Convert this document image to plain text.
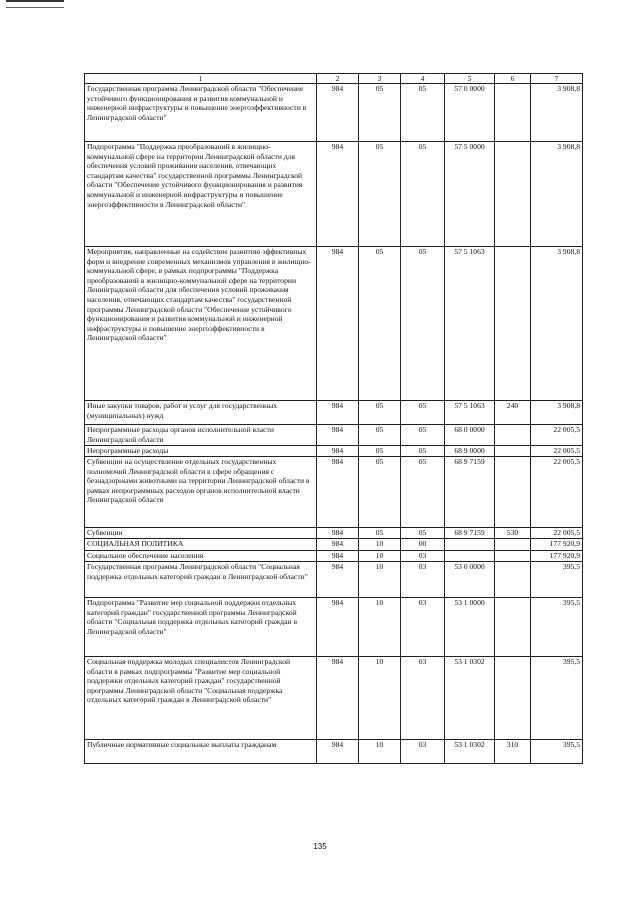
1	2	3	4	5	6	7
Государственная программа Ленинградской области "Обеспечение устойчивого функционирования и развития коммунальной и инженерной инфраструктуры и повышение энергоэффективности в Ленинградской области"	984	05	05	57 0 0000		3 908,8
Подпрограмма "Поддержка преобразований в жилищно-коммунальной сфере на территории Ленинградской области для обеспечения условий проживания населения, отвечающих стандартам качества" государственной программы Ленинградской области "Обеспечение устойчивого функционирования и развития коммунальной и инженерной инфраструктуры и повышение энергоэффективности в Ленинградской области"	984	05	05	57 5 0000		3 908,8
Мероприятия, направленные на содействие развитию эффективных форм и внедрение современных механизмов управления в жилищно-коммунальной сфере, в рамках подпрограммы "Поддержка преобразований в жилищно-коммунальной сфере на территории Ленинградской области для обеспечения условий проживания населения, отвечающих стандартам качества" государственной программы Ленинградской области "Обеспечение устойчивого функционирования и развития коммунальной и инженерной инфраструктуры и повышение энергоэффективности в Ленинградской области"	984	05	05	57 5 1063		3 908,8
Иные закупки товаров, работ и услуг для государственных (муниципальных) нужд	984	05	05	57 5 1063	240	3 908,8
Непрограммные расходы органов исполнительной власти Ленинградской области	984	05	05	68 0 0000		22 005,5
Непрограммные расходы	984	05	05	68 9 0000		22 005,5
Субвенции на осуществление отдельных государственных полномочий Ленинградской области в сфере обращения с безнадзорными животными на территории Ленинградской области в рамках непрограммных расходов органов исполнительной власти Ленинградской области	984	05	05	68 9 7159		22 005,5
Субвенции	984	05	05	68 9 7159	530	22 005,5
СОЦИАЛЬНАЯ ПОЛИТИКА	984	10	00			177 920,9
Социальное обеспечение населения	984	10	03			177 920,9
Государственная программа Ленинградской области "Социальная поддержка отдельных категорий граждан в Ленинградской области"	984	10	03	53 0 0000		395,5
Подпрограмма "Развитие мер социальной поддержки отдельных категорий граждан" государственной программы Ленинградской области "Социальная поддержка отдельных категорий граждан в Ленинградской области"	984	10	03	53 1 0000		395,5
Социальная поддержка молодых специалистов Ленинградской области в рамках подпрограммы "Развитие мер социальной поддержки отдельных категорий граждан" государственной программы Ленинградской области "Социальная поддержка отдельных категорий граждан в Ленинградской области"	984	10	03	53 1 0302		395,5
Публичные нормативные социальные выплаты гражданам	984	10	03	53 1 0302	310	395,5
135
